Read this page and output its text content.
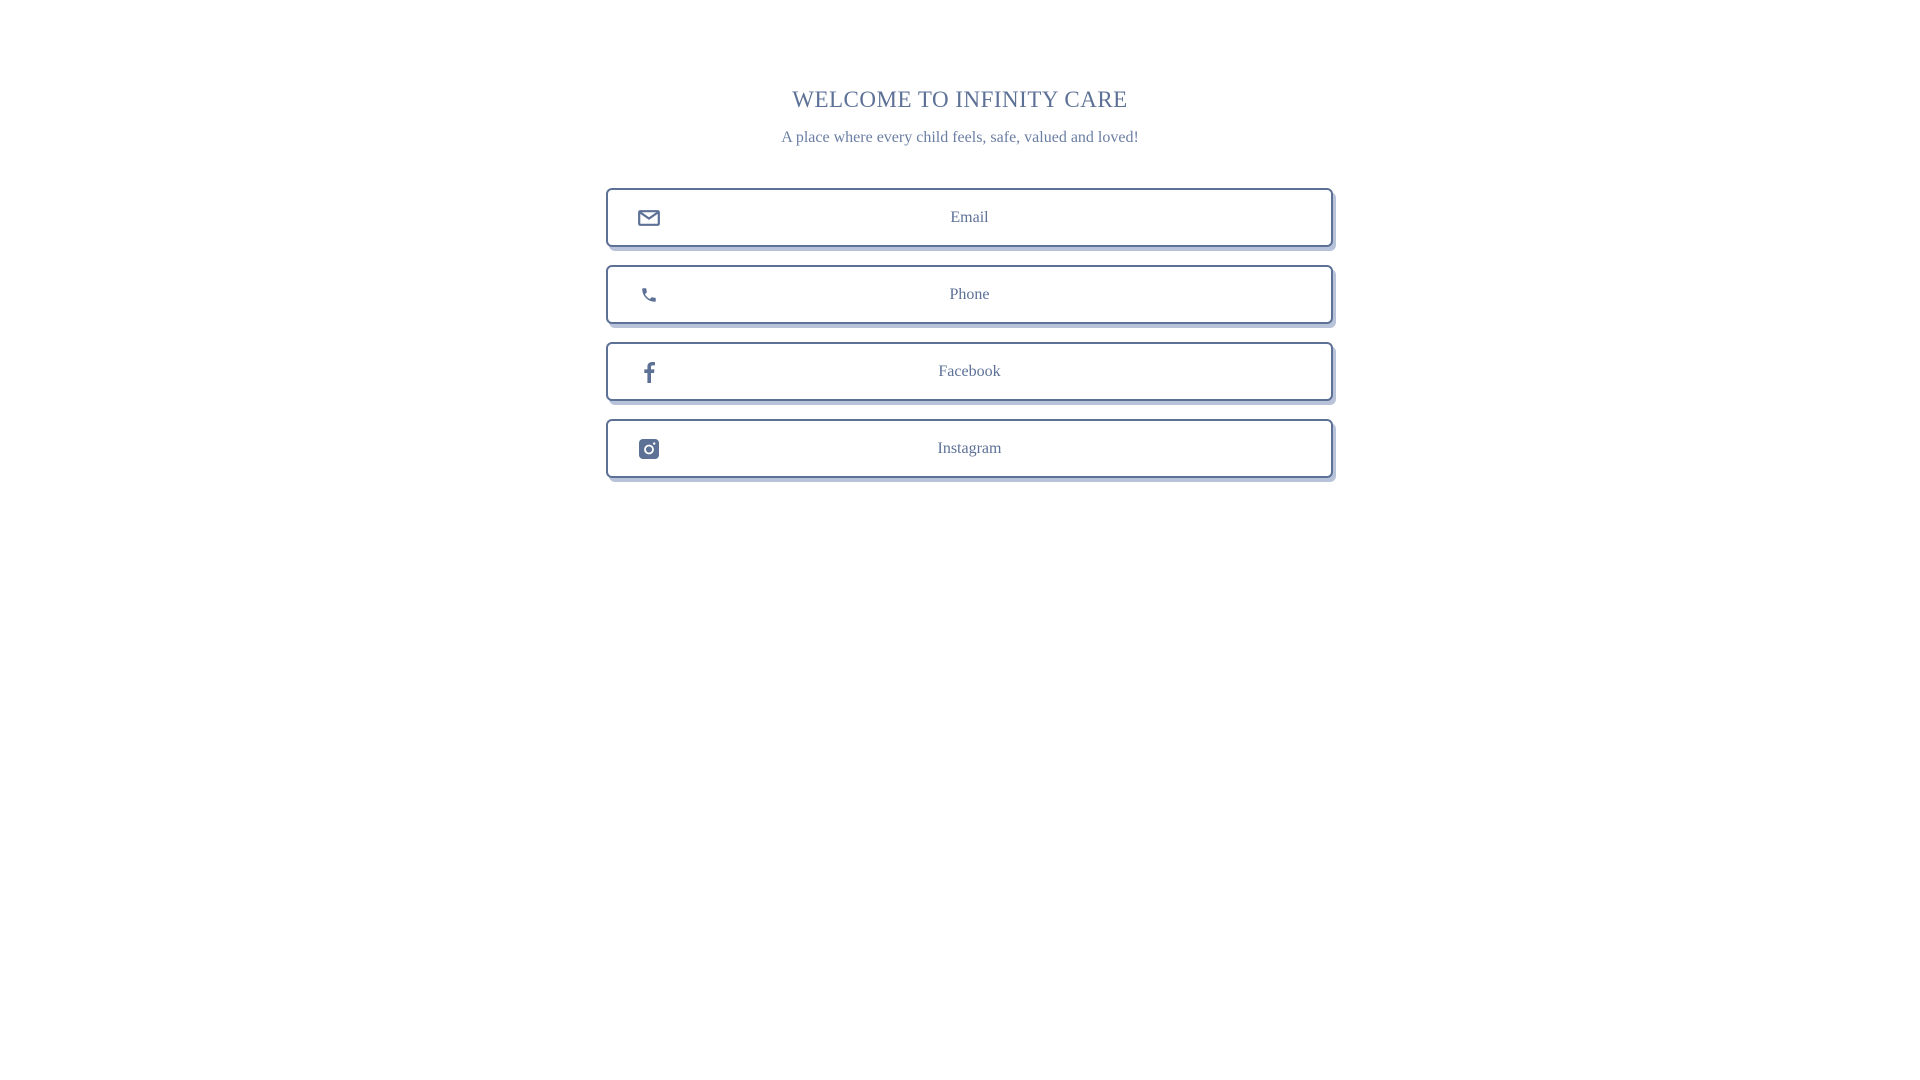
WELCOME TO INFINITY CARE

A place where every child feels, safe, valued and loved!

Email
Phone
Facebook
Instagram
